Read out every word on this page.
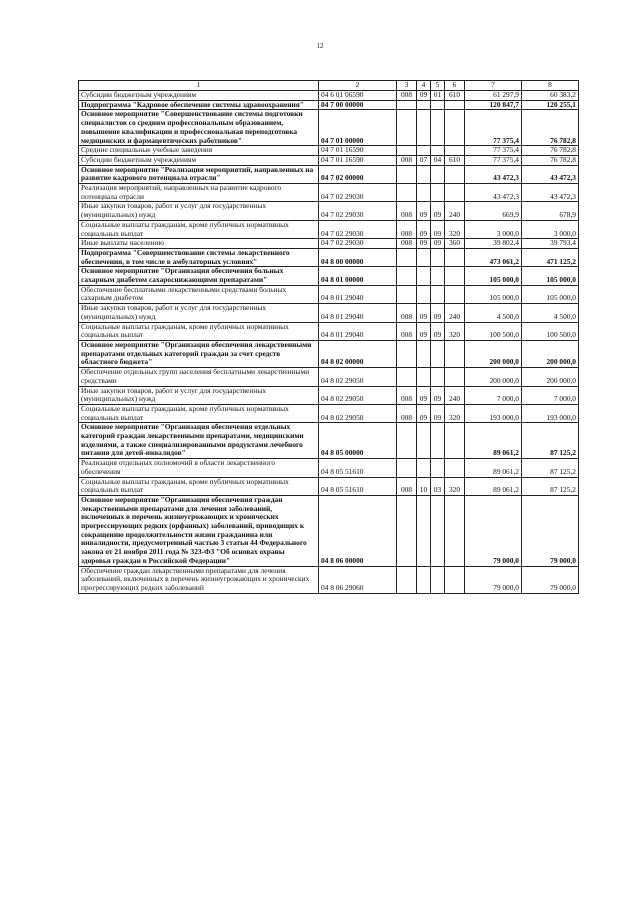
12
1	2	3	4	5	6	7	8
Субсидии бюджетным учреждениям	04 6 01 06590	008	09	01	610	61 297,9	60 383,2
Подпрограмма "Кадровое обеспечение системы здравоохранения"	04 7 00 00000					120 847,7	120 255,1
Основное мероприятие "Совершенствование системы подготовки специалистов со средним профессиональным образованием, повышение квалификации и профессиональная переподготовка медицинских и фармацевтических работников"	04 7 01 00000					77 375,4	76 782,8
Средние специальные учебные заведения	04 7 01 16590					77 375,4	76 782,8
Субсидии бюджетным учреждениям	04 7 01 16590	008	07	04	610	77 375,4	76 782,8
Основное мероприятие "Реализация мероприятий, направленных на развитие кадрового потенциала отрасли"	04 7 02 00000					43 472,3	43 472,3
Реализация мероприятий, направленных на развитие кадрового потенциала отрасли	04 7 02 29030					43 472,3	43 472,3
Иные закупки товаров, работ и услуг для государственных (муниципальных) нужд	04 7 02 29030	008	09	09	240	669,9	678,9
Социальные выплаты гражданам, кроме публичных нормативных социальных выплат	04 7 02 29030	008	09	09	320	3 000,0	3 000,0
Иные выплаты населению	04 7 02 29030	008	09	09	360	39 802,4	39 793,4
Подпрограмма "Совершенствование системы лекарственного обеспечения, в том числе в амбулаторных условиях"	04 8 00 00000					473 061,2	471 125,2
Основное мероприятие "Организация обеспечения больных сахарным диабетом сахароснижающими препаратами"	04 8 01 00000					105 000,0	105 000,0
Обеспечение бесплатными лекарственными средствами больных сахарным диабетом	04 8 01 29040					105 000,0	105 000,0
Иные закупки товаров, работ и услуг для государственных (муниципальных) нужд	04 8 01 29040	008	09	09	240	4 500,0	4 500,0
Социальные выплаты гражданам, кроме публичных нормативных социальных выплат	04 8 01 29040	008	09	09	320	100 500,0	100 500,0
Основное мероприятие "Организация обеспечения лекарственными препаратами отдельных категорий граждан за счет средств областного бюджета"	04 8 02 00000					200 000,0	200 000,0
Обеспечение отдельных групп населения бесплатными лекарственными средствами	04 8 02 29050					200 000,0	200 000,0
Иные закупки товаров, работ и услуг для государственных (муниципальных) нужд	04 8 02 29050	008	09	09	240	7 000,0	7 000,0
Социальные выплаты гражданам, кроме публичных нормативных социальных выплат	04 8 02 29050	008	09	09	320	193 000,0	193 000,0
Основное мероприятие "Организация обеспечения отдельных категорий граждан лекарственными препаратами, медицинскими изделиями, а также специализированными продуктами лечебного питания для детей-инвалидов"	04 8 05 00000					89 061,2	87 125,2
Реализация отдельных полномочий в области лекарственного обеспечения	04 8 05 51610					89 061,2	87 125,2
Социальные выплаты гражданам, кроме публичных нормативных социальных выплат	04 8 05 51610	008	10	03	320	89 061,2	87 125,2
Основное мероприятие "Организация обеспечения граждан лекарственными препаратами для лечения заболеваний, включенных в перечень жизнеугрожающих и хронических прогрессирующих редких (орфанных) заболеваний, приводящих к сокращению продолжительности жизни гражданина или инвалидности, предусмотренный частью 3 статьи 44 Федерального закона от 21 ноября 2011 года № 323-ФЗ "Об основах охраны здоровья граждан в Российской Федерации"	04 8 06 00000					79 000,0	79 000,0
Обеспечение граждан лекарственными препаратами для лечения заболеваний, включенных в перечень жизнеугрожающих и хронических прогрессирующих редких заболеваний	04 8 06 29060					79 000,0	79 000,0
